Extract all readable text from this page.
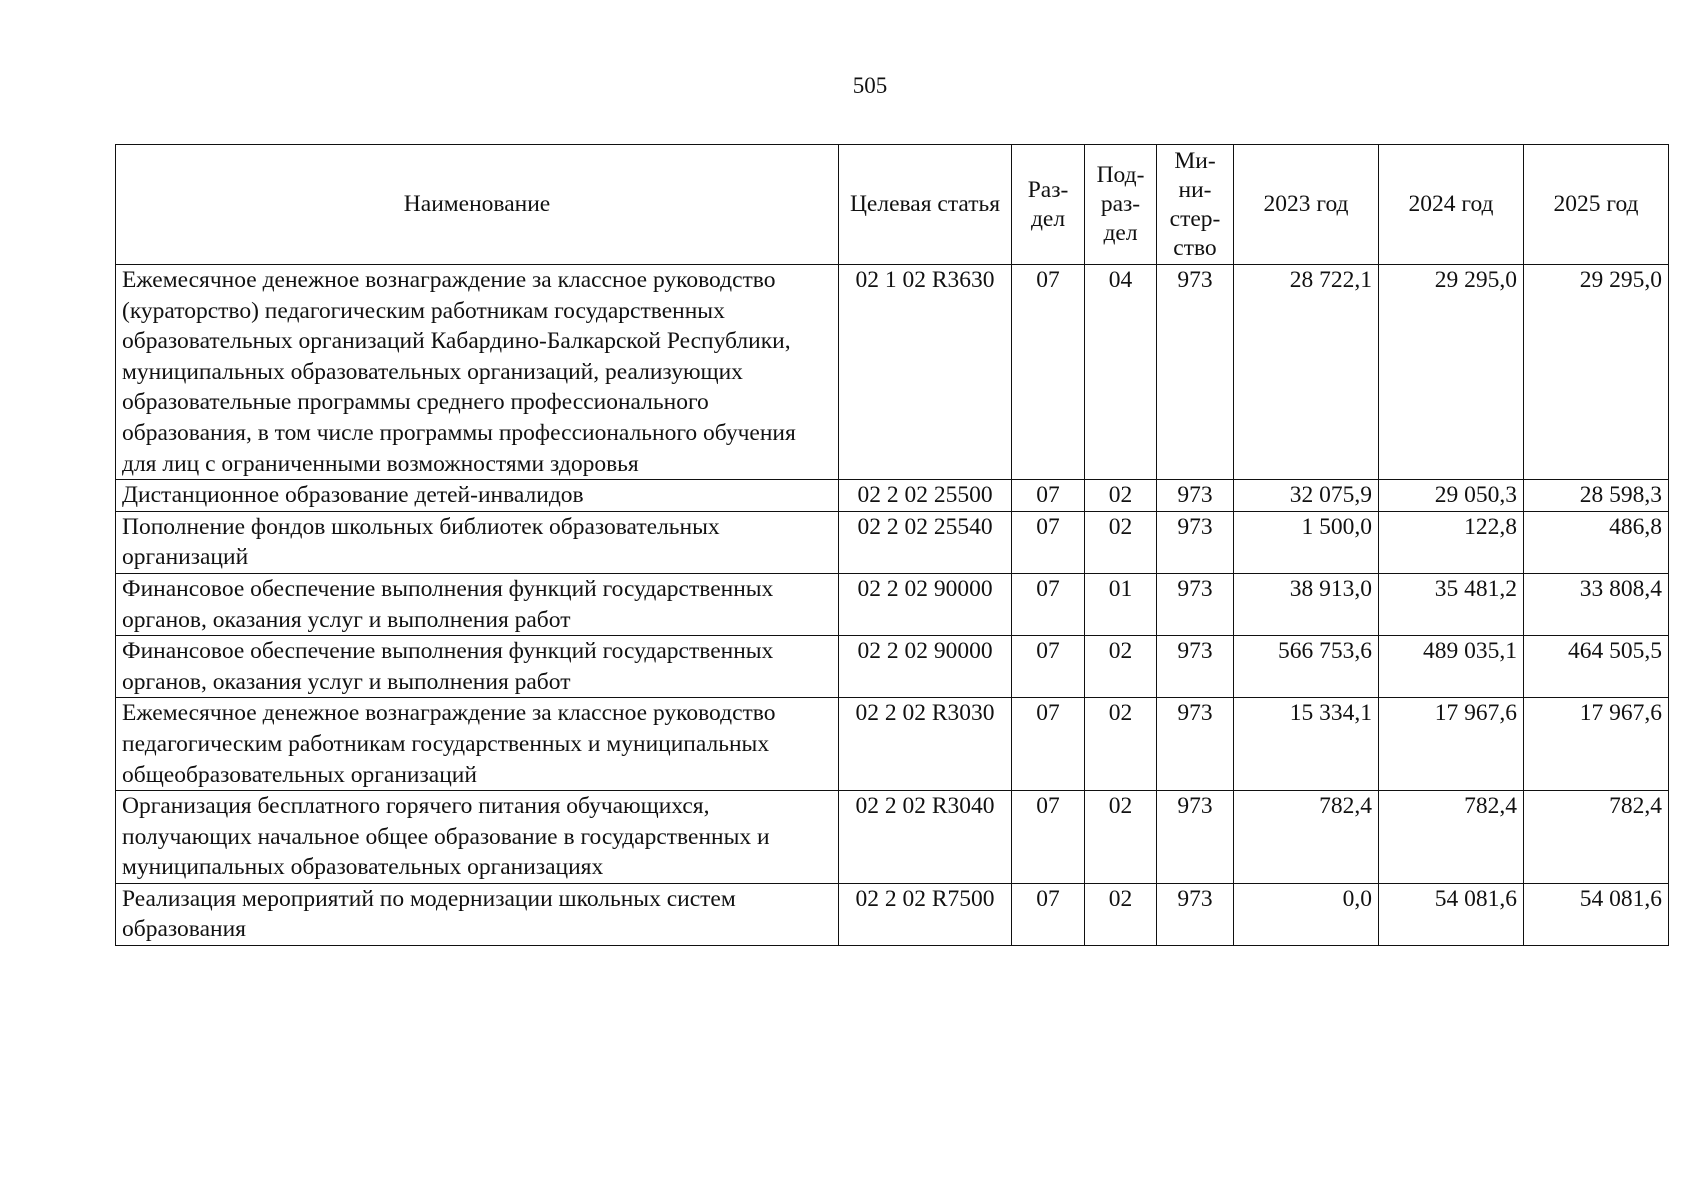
505
Наименование	Целевая статья	Раз-дел	Под-раз-дел	Ми-ни-стер-ство	2023 год	2024 год	2025 год
Ежемесячное денежное вознаграждение за классное руководство (кураторство) педагогическим работникам государственных образовательных организаций Кабардино-Балкарской Республики, муниципальных образовательных организаций, реализующих образовательные программы среднего профессионального образования, в том числе программы профессионального обучения для лиц с ограниченными возможностями здоровья	02 1 02 R3630	07	04	973	28 722,1	29 295,0	29 295,0
Дистанционное образование детей-инвалидов	02 2 02 25500	07	02	973	32 075,9	29 050,3	28 598,3
Пополнение фондов школьных библиотек образовательных организаций	02 2 02 25540	07	02	973	1 500,0	122,8	486,8
Финансовое обеспечение выполнения функций государственных органов, оказания услуг и выполнения работ	02 2 02 90000	07	01	973	38 913,0	35 481,2	33 808,4
Финансовое обеспечение выполнения функций государственных органов, оказания услуг и выполнения работ	02 2 02 90000	07	02	973	566 753,6	489 035,1	464 505,5
Ежемесячное денежное вознаграждение за классное руководство педагогическим работникам государственных и муниципальных общеобразовательных организаций	02 2 02 R3030	07	02	973	15 334,1	17 967,6	17 967,6
Организация бесплатного горячего питания обучающихся, получающих начальное общее образование в государственных и муниципальных образовательных организациях	02 2 02 R3040	07	02	973	782,4	782,4	782,4
Реализация мероприятий по модернизации школьных систем образования	02 2 02 R7500	07	02	973	0,0	54 081,6	54 081,6
